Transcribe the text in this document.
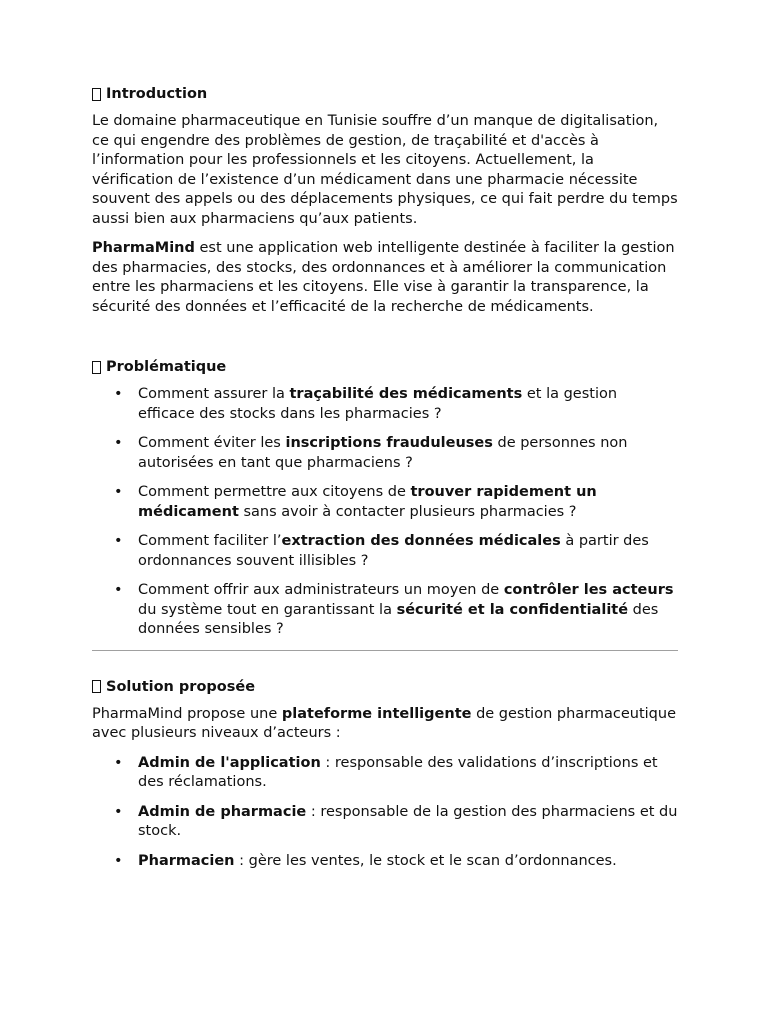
Introduction

Le domaine pharmaceutique en Tunisie souffre d’un manque de digitalisation, ce qui engendre des problèmes de gestion, de traçabilité et d'accès à l’information pour les professionnels et les citoyens. Actuellement, la vérification de l’existence d’un médicament dans une pharmacie nécessite souvent des appels ou des déplacements physiques, ce qui fait perdre du temps aussi bien aux pharmaciens qu’aux patients.

PharmaMind est une application web intelligente destinée à faciliter la gestion des pharmacies, des stocks, des ordonnances et à améliorer la communication entre les pharmaciens et les citoyens. Elle vise à garantir la transparence, la sécurité des données et l’efficacité de la recherche de médicaments.

Problématique
• Comment assurer la traçabilité des médicaments et la gestion efficace des stocks dans les pharmacies ?
• Comment éviter les inscriptions frauduleuses de personnes non autorisées en tant que pharmaciens ?
• Comment permettre aux citoyens de trouver rapidement un médicament sans avoir à contacter plusieurs pharmacies ?
• Comment faciliter l’extraction des données médicales à partir des ordonnances souvent illisibles ?
• Comment offrir aux administrateurs un moyen de contrôler les acteurs du système tout en garantissant la sécurité et la confidentialité des données sensibles ?
Solution proposée

PharmaMind propose une plateforme intelligente de gestion pharmaceutique avec plusieurs niveaux d’acteurs :

• Admin de l'application : responsable des validations d’inscriptions et des réclamations.
• Admin de pharmacie : responsable de la gestion des pharmaciens et du stock.
• Pharmacien : gère les ventes, le stock et le scan d’ordonnances.
